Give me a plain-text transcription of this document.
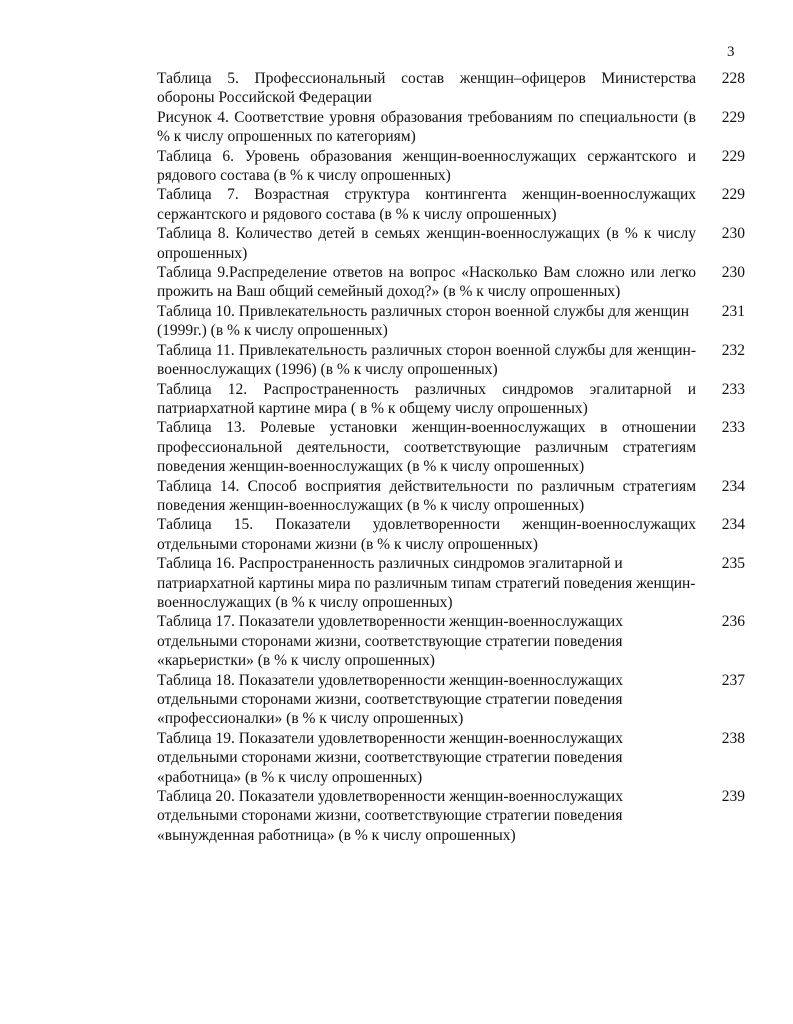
3
Таблица 5. Профессиональный состав женщин–офицеров Министерства обороны Российской Федерации
228
Рисунок 4. Соответствие уровня образования требованиям по специальности (в % к числу опрошенных по категориям)
229
Таблица 6. Уровень образования женщин-военнослужащих сержантского и рядового состава (в % к числу опрошенных)
229
Таблица 7. Возрастная структура контингента женщин-военнослужащих сержантского и рядового состава (в % к числу опрошенных)
229
Таблица 8. Количество детей в семьях женщин-военнослужащих (в % к числу опрошенных)
230
Таблица 9.Распределение ответов на вопрос «Насколько Вам сложно или легко прожить на Ваш общий семейный доход?» (в % к числу опрошенных)
230
Таблица 10. Привлекательность различных сторон военной службы для женщин (1999г.) (в % к числу опрошенных)
231
Таблица 11. Привлекательность различных сторон военной службы для женщин-военнослужащих (1996) (в % к числу опрошенных)
232
Таблица 12. Распространенность различных синдромов эгалитарной и патриархатной картине мира ( в % к общему числу опрошенных)
233
Таблица 13. Ролевые установки женщин-военнослужащих в отношении профессиональной деятельности, соответствующие различным стратегиям поведения женщин-военнослужащих (в % к числу опрошенных)
233
Таблица 14. Способ восприятия действительности по различным стратегиям поведения женщин-военнослужащих (в % к числу опрошенных)
234
Таблица 15. Показатели удовлетворенности женщин-военнослужащих отдельными сторонами жизни (в % к числу опрошенных)
234
Таблица 16. Распространенность различных синдромов эгалитарной и патриархатной картины мира по различным типам стратегий поведения женщин-военнослужащих (в % к числу опрошенных)
235
Таблица 17. Показатели удовлетворенности женщин-военнослужащих отдельными сторонами жизни, соответствующие стратегии поведения «карьеристки» (в % к числу опрошенных)
236
Таблица 18. Показатели удовлетворенности женщин-военнослужащих отдельными сторонами жизни, соответствующие стратегии поведения «профессионалки» (в % к числу опрошенных)
237
Таблица 19. Показатели удовлетворенности женщин-военнослужащих отдельными сторонами жизни, соответствующие стратегии поведения «работница» (в % к числу опрошенных)
238
Таблица 20. Показатели удовлетворенности женщин-военнослужащих отдельными сторонами жизни, соответствующие стратегии поведения «вынужденная работница» (в % к числу опрошенных)
239
